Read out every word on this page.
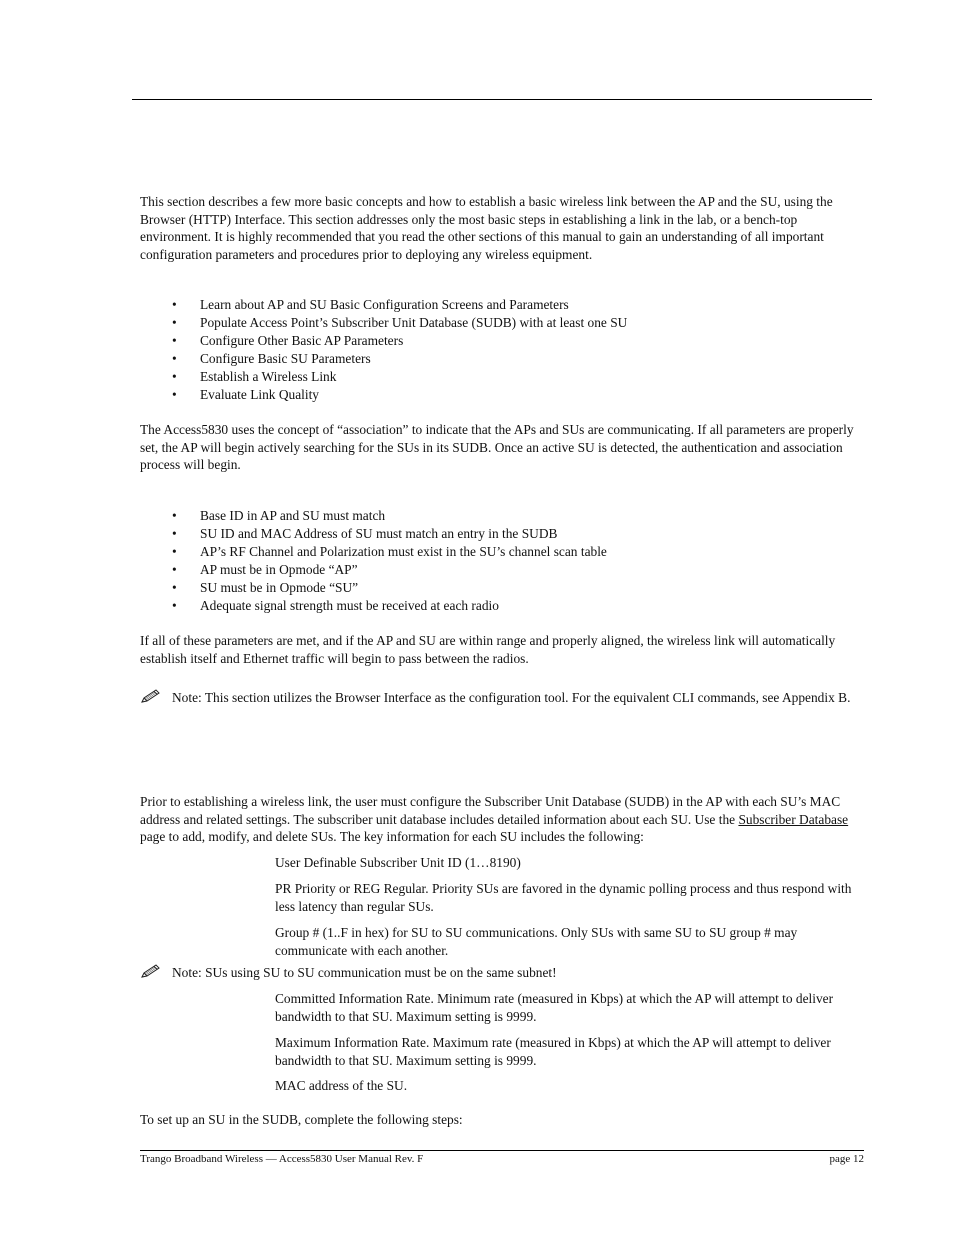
This section describes a few more basic concepts and how to establish a basic wireless link between the AP and the SU, using the Browser (HTTP) Interface. This section addresses only the most basic steps in establishing a link in the lab, or a bench-top environment. It is highly recommended that you read the other sections of this manual to gain an understanding of all important configuration parameters and procedures prior to deploying any wireless equipment.

• Learn about AP and SU Basic Configuration Screens and Parameters
• Populate Access Point’s Subscriber Unit Database (SUDB) with at least one SU
• Configure Other Basic AP Parameters
• Configure Basic SU Parameters
• Establish a Wireless Link
• Evaluate Link Quality

The Access5830 uses the concept of “association” to indicate that the APs and SUs are communicating. If all parameters are properly set, the AP will begin actively searching for the SUs in its SUDB. Once an active SU is detected, the authentication and association process will begin.

• Base ID in AP and SU must match
• SU ID and MAC Address of SU must match an entry in the SUDB
• AP’s RF Channel and Polarization must exist in the SU’s channel scan table
• AP must be in Opmode “AP”
• SU must be in Opmode “SU”
• Adequate signal strength must be received at each radio

If all of these parameters are met, and if the AP and SU are within range and properly aligned, the wireless link will automatically establish itself and Ethernet traffic will begin to pass between the radios.

Note: This section utilizes the Browser Interface as the configuration tool. For the equivalent CLI commands, see Appendix B.

Prior to establishing a wireless link, the user must configure the Subscriber Unit Database (SUDB) in the AP with each SU’s MAC address and related settings. The subscriber unit database includes detailed information about each SU. Use the Subscriber Database page to add, modify, and delete SUs. The key information for each SU includes the following:

User Definable Subscriber Unit ID (1…8190)

PR Priority or REG Regular. Priority SUs are favored in the dynamic polling process and thus respond with less latency than regular SUs.

Group # (1..F in hex) for SU to SU communications. Only SUs with same SU to SU group # may communicate with each another.

Note: SUs using SU to SU communication must be on the same subnet!

Committed Information Rate. Minimum rate (measured in Kbps) at which the AP will attempt to deliver bandwidth to that SU. Maximum setting is 9999.

Maximum Information Rate. Maximum rate (measured in Kbps) at which the AP will attempt to deliver bandwidth to that SU. Maximum setting is 9999.

MAC address of the SU.

To set up an SU in the SUDB, complete the following steps:

Trango Broadband Wireless — Access5830 User Manual Rev. F	page 12
